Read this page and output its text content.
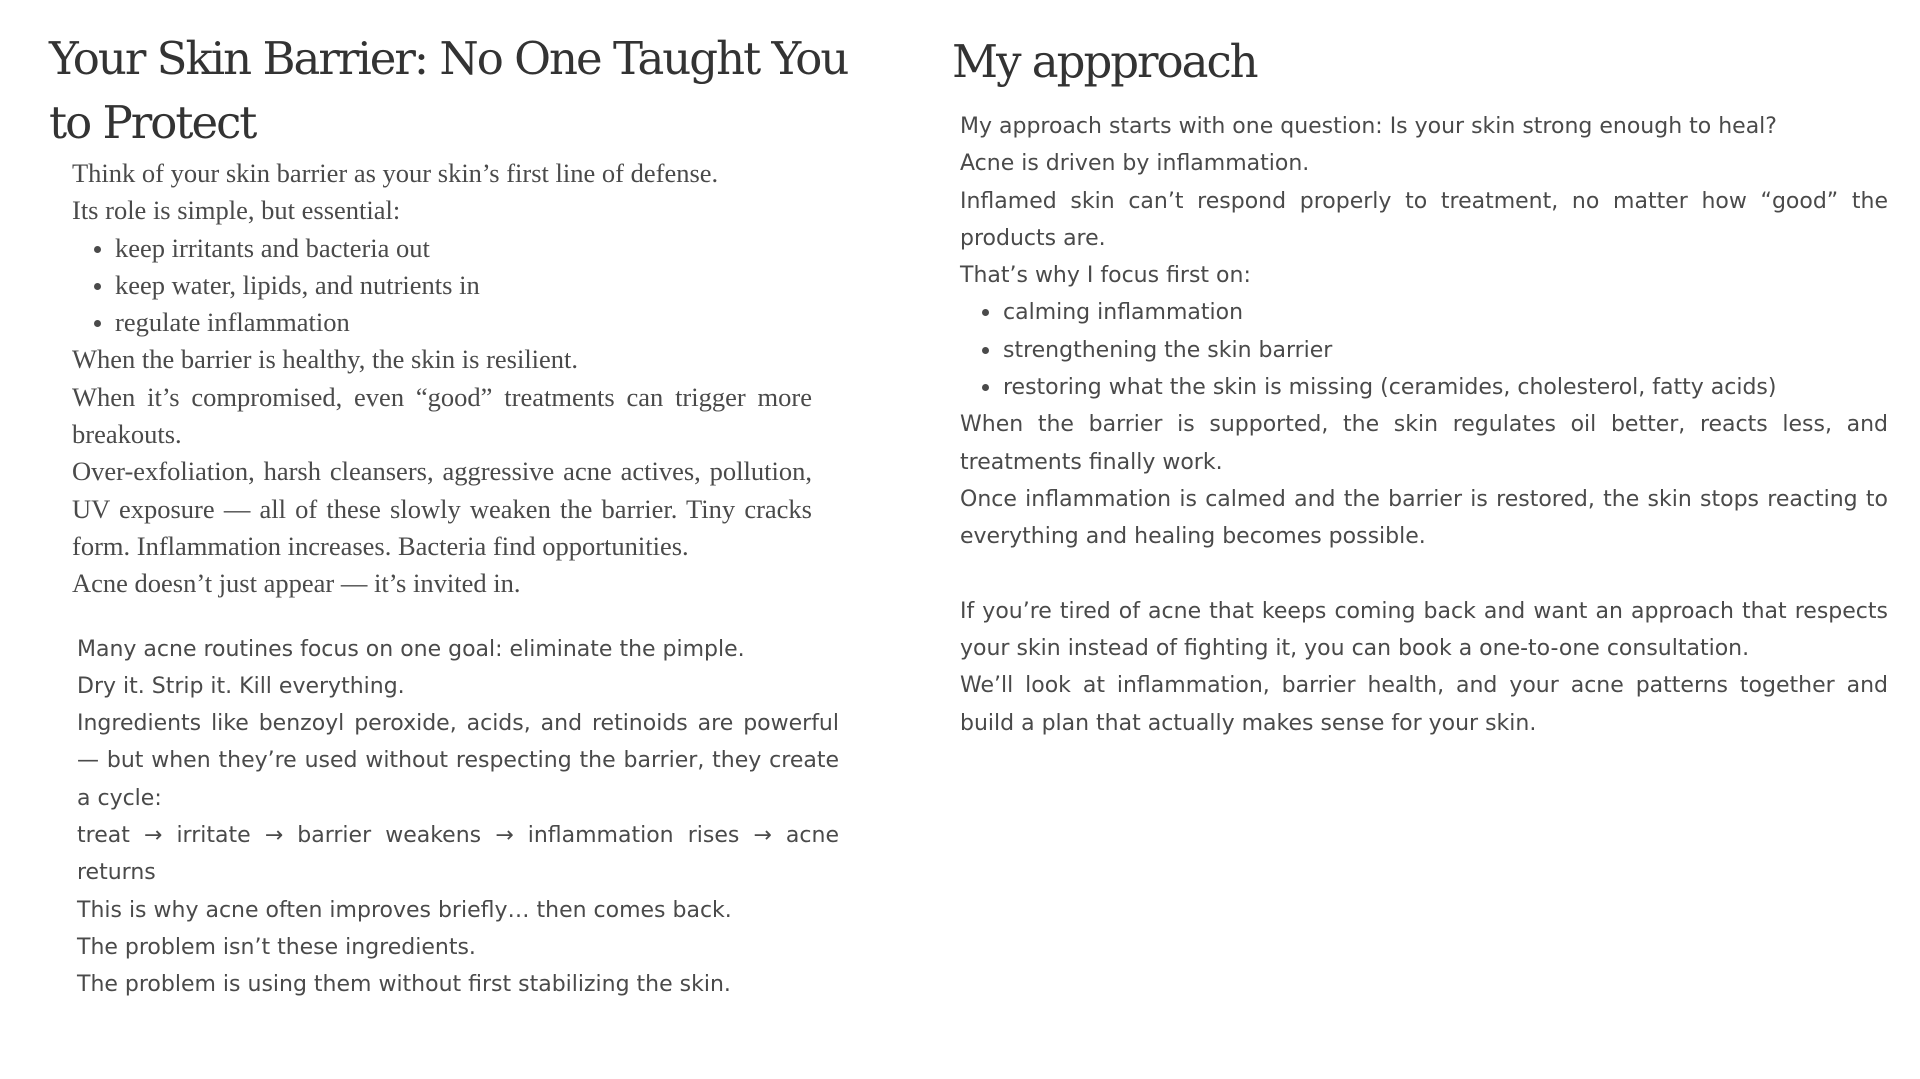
Your Skin Barrier: No One Taught You to Protect

Think of your skin barrier as your skin’s first line of defense.

Its role is simple, but essential:

keep irritants and bacteria out
keep water, lipids, and nutrients in
regulate inflammation

When the barrier is healthy, the skin is resilient.

When it’s compromised, even “good” treatments can trigger more breakouts.

Over-exfoliation, harsh cleansers, aggressive acne actives, pollution, UV exposure — all of these slowly weaken the barrier. Tiny cracks form. Inflammation increases. Bacteria find opportunities.

Acne doesn’t just appear — it’s invited in.

Many acne routines focus on one goal: eliminate the pimple.

Dry it. Strip it. Kill everything.

Ingredients like benzoyl peroxide, acids, and retinoids are powerful — but when they’re used without respecting the barrier, they create a cycle:

treat → irritate → barrier weakens → inflammation rises → acne returns

This is why acne often improves briefly… then comes back.

The problem isn’t these ingredients.

The problem is using them without first stabilizing the skin.

My appproach

My approach starts with one question: Is your skin strong enough to heal?

Acne is driven by inflammation.

Inflamed skin can’t respond properly to treatment, no matter how “good” the products are.

That’s why I focus first on:

calming inflammation
strengthening the skin barrier
restoring what the skin is missing (ceramides, cholesterol, fatty acids)

When the barrier is supported, the skin regulates oil better, reacts less, and treatments finally work.

Once inflammation is calmed and the barrier is restored, the skin stops reacting to everything and healing becomes possible.

If you’re tired of acne that keeps coming back and want an approach that respects your skin instead of fighting it, you can book a one-to-one consultation.

We’ll look at inflammation, barrier health, and your acne patterns together and build a plan that actually makes sense for your skin.
